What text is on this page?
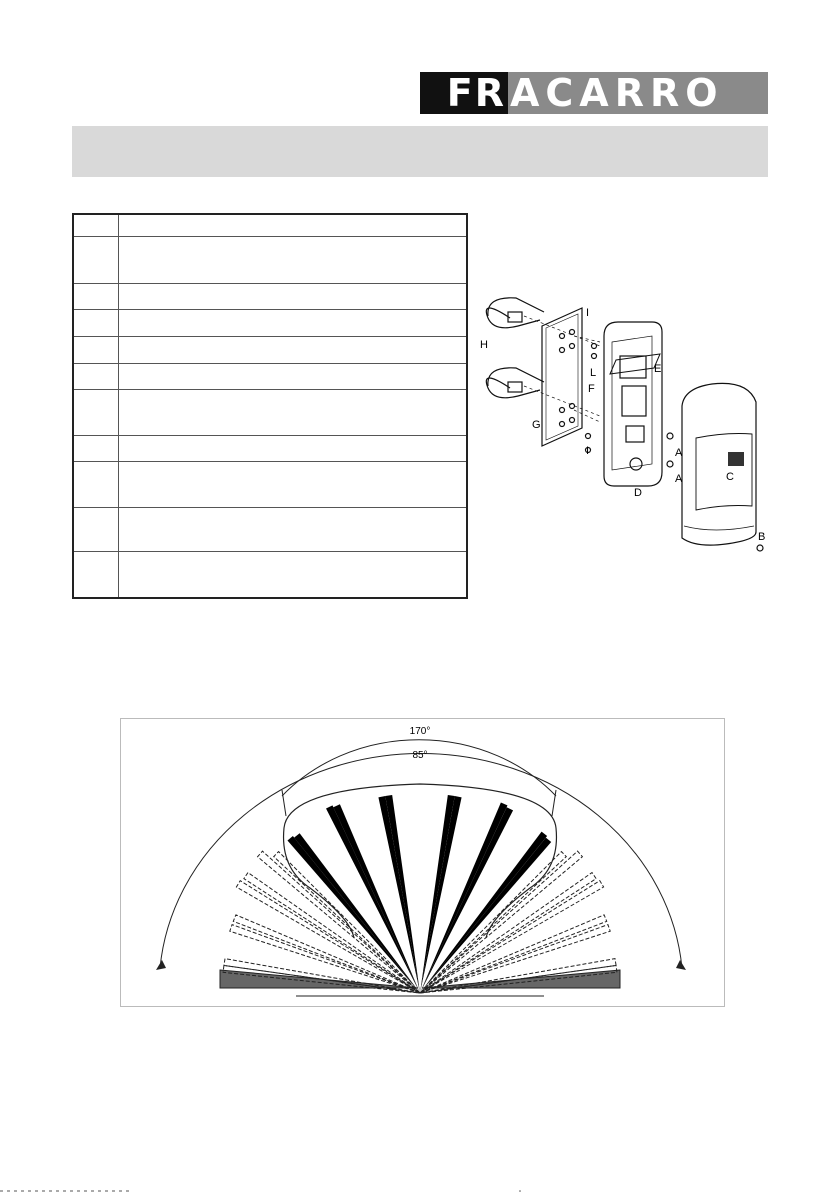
FR ACARRO

A
A
B
C
D
E
F
G
H
I
I
L
170°
85°
